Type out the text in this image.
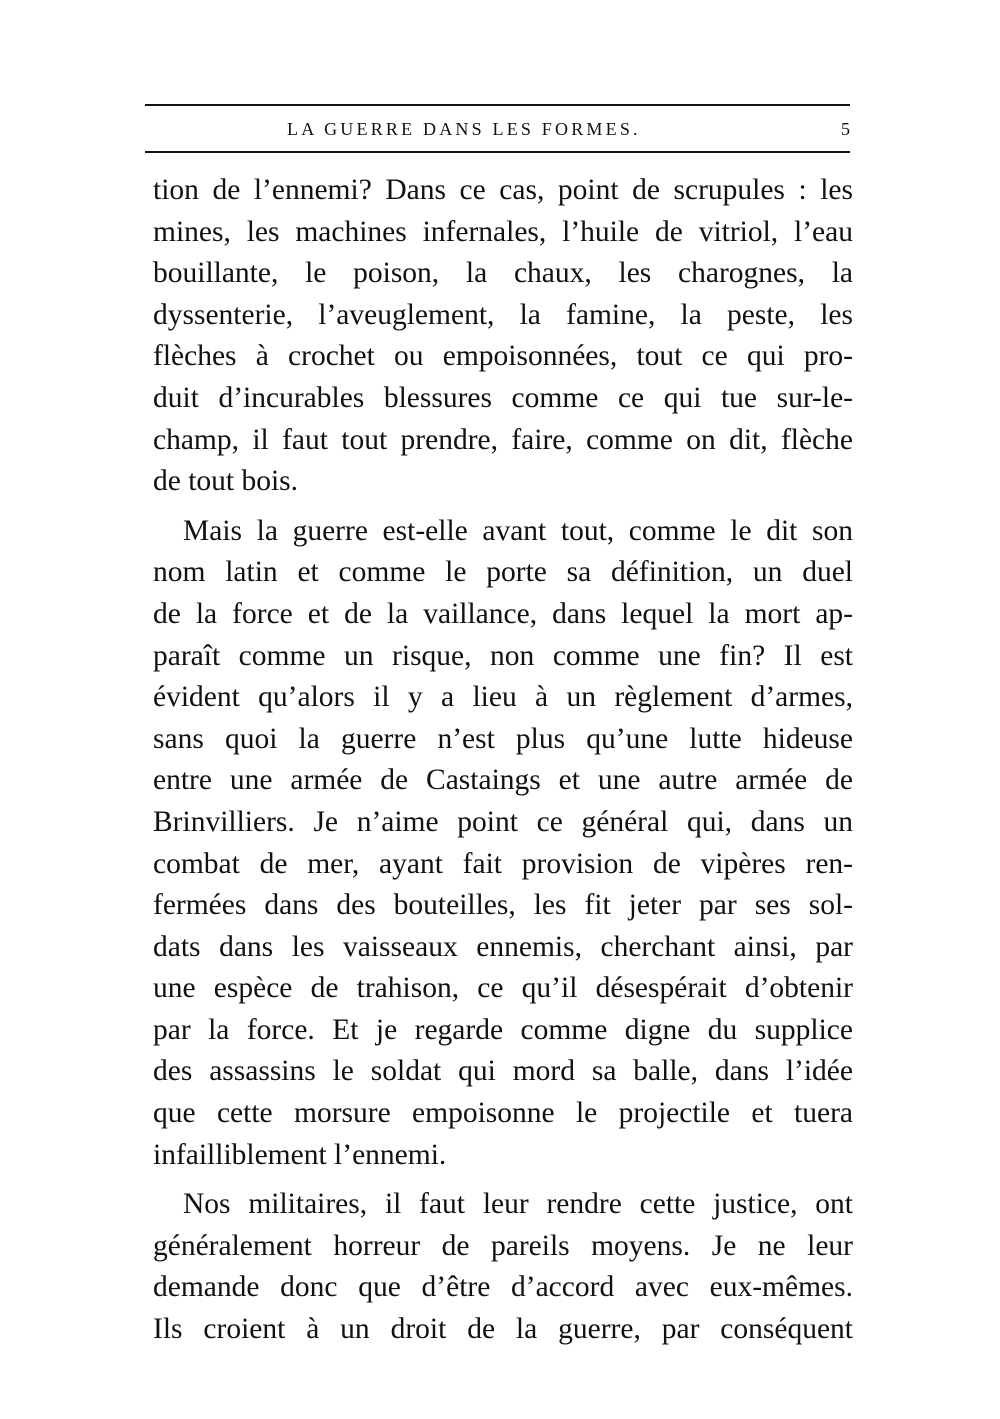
LA GUERRE DANS LES FORMES.	5
tion de l’ennemi? Dans ce cas, point de scrupules : les
mines, les machines infernales, l’huile de vitriol, l’eau
bouillante, le poison, la chaux, les charognes, la
dyssenterie, l’aveuglement, la famine, la peste, les
flèches à crochet ou empoisonnées, tout ce qui pro-
duit d’incurables blessures comme ce qui tue sur-le-
champ, il faut tout prendre, faire, comme on dit, flèche
de tout bois.
Mais la guerre est-elle avant tout, comme le dit son
nom latin et comme le porte sa définition, un duel
de la force et de la vaillance, dans lequel la mort ap-
paraît comme un risque, non comme une fin? Il est
évident qu’alors il y a lieu à un règlement d’armes,
sans quoi la guerre n’est plus qu’une lutte hideuse
entre une armée de Castaings et une autre armée de
Brinvilliers. Je n’aime point ce général qui, dans un
combat de mer, ayant fait provision de vipères ren-
fermées dans des bouteilles, les fit jeter par ses sol-
dats dans les vaisseaux ennemis, cherchant ainsi, par
une espèce de trahison, ce qu’il désespérait d’obtenir
par la force. Et je regarde comme digne du supplice
des assassins le soldat qui mord sa balle, dans l’idée
que cette morsure empoisonne le projectile et tuera
infailliblement l’ennemi.
Nos militaires, il faut leur rendre cette justice, ont
généralement horreur de pareils moyens. Je ne leur
demande donc que d’être d’accord avec eux-mêmes.
Ils croient à un droit de la guerre, par conséquent
